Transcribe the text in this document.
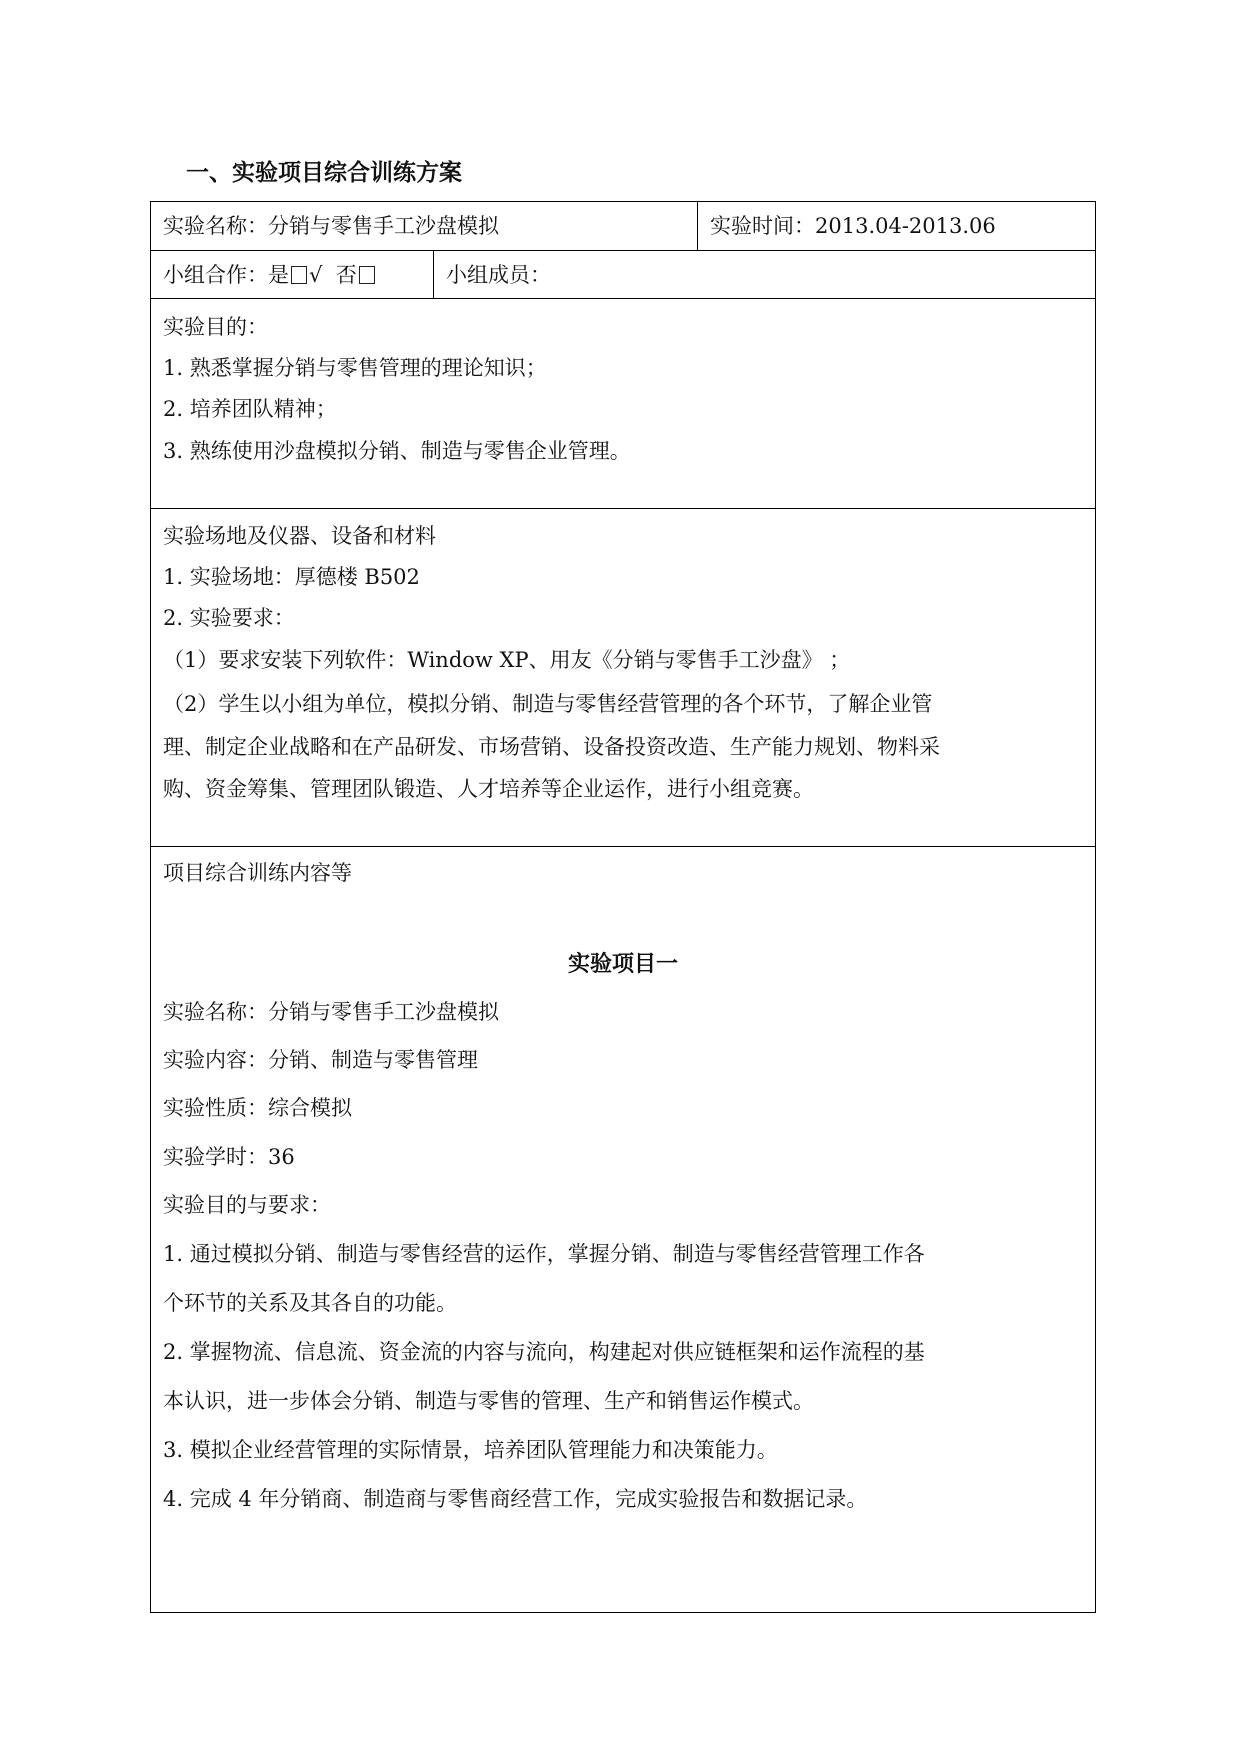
一、实验项目综合训练方案
实验名称：分销与零售手工沙盘模拟	实验时间：2013.04-2013.06
小组合作：是 √ 否	小组成员：
实验目的：
1. 熟悉掌握分销与零售管理的理论知识；
2. 培养团队精神；
3. 熟练使用沙盘模拟分销、制造与零售企业管理。
实验场地及仪器、设备和材料
1. 实验场地：厚德楼 B502
2. 实验要求：
（1）要求安装下列软件：Window XP、用友《分销与零售手工沙盘》 ；
（2）学生以小组为单位，模拟分销、制造与零售经营管理的各个环节，了解企业管
理、制定企业战略和在产品研发、市场营销、设备投资改造、生产能力规划、物料采
购、资金筹集、管理团队锻造、人才培养等企业运作，进行小组竞赛。
项目综合训练内容等
实验项目一
实验名称：分销与零售手工沙盘模拟
实验内容：分销、制造与零售管理
实验性质：综合模拟
实验学时：36
实验目的与要求：
1. 通过模拟分销、制造与零售经营的运作，掌握分销、制造与零售经营管理工作各
个环节的关系及其各自的功能。
2. 掌握物流、信息流、资金流的内容与流向，构建起对供应链框架和运作流程的基
本认识，进一步体会分销、制造与零售的管理、生产和销售运作模式。
3. 模拟企业经营管理的实际情景，培养团队管理能力和决策能力。
4. 完成 4 年分销商、制造商与零售商经营工作，完成实验报告和数据记录。
